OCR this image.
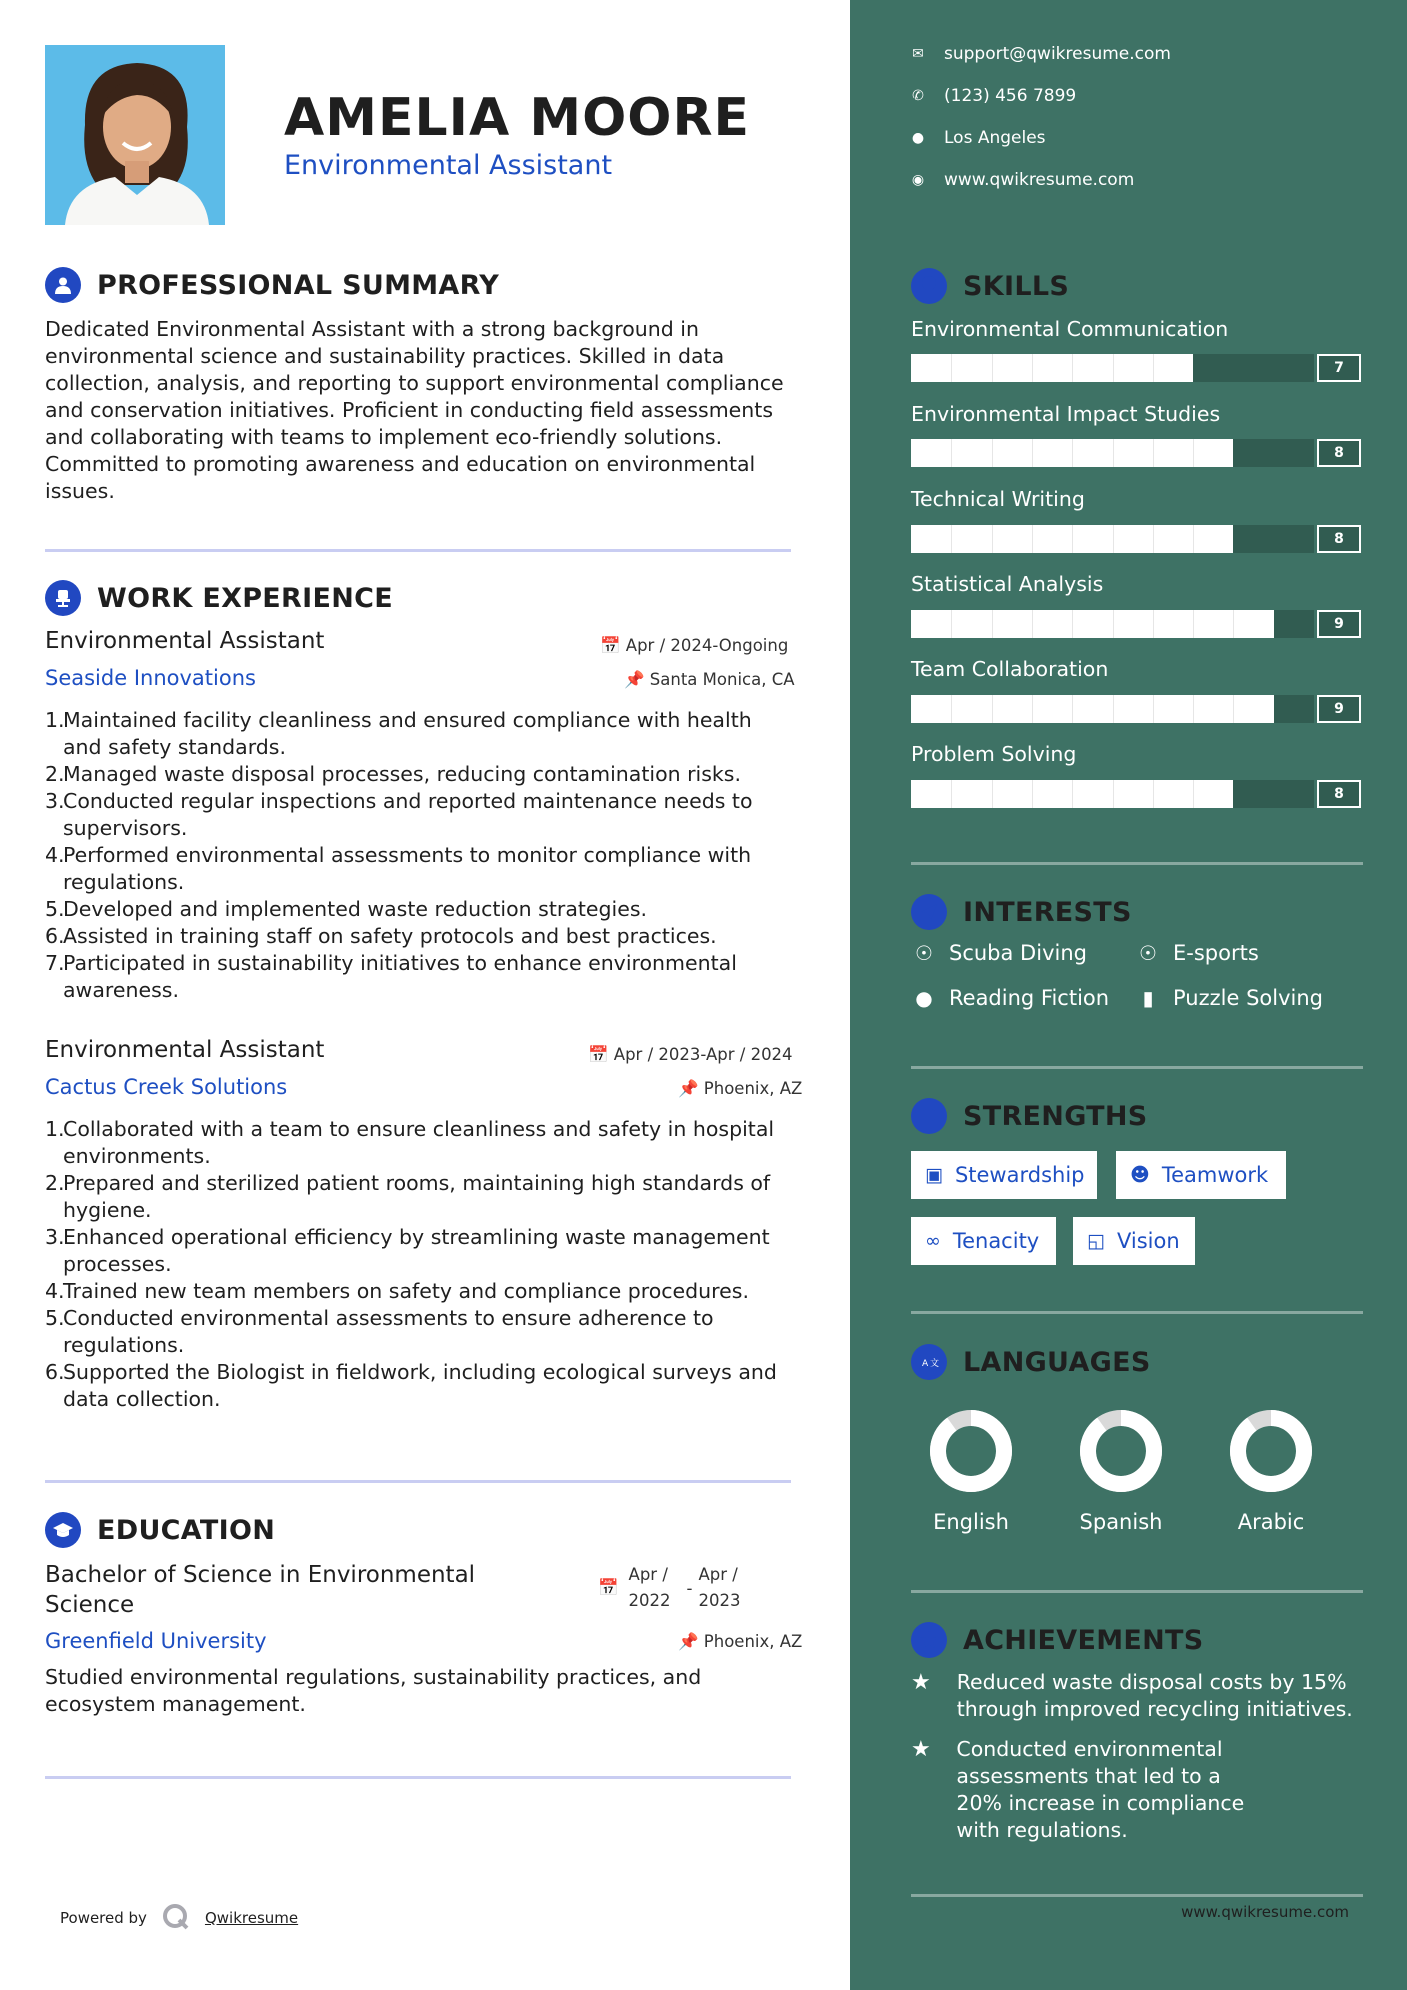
AMELIA MOORE
Environmental Assistant
PROFESSIONAL SUMMARY
Dedicated Environmental Assistant with a strong background in environmental science and sustainability practices. Skilled in data collection, analysis, and reporting to support environmental compliance and conservation initiatives. Proficient in conducting field assessments and collaborating with teams to implement eco-friendly solutions. Committed to promoting awareness and education on environmental issues.
WORK EXPERIENCE
Environmental Assistant	📅 Apr / 2024-Ongoing
Seaside Innovations	📌 Santa Monica, CA
1.
Maintained facility cleanliness and ensured compliance with health and safety standards.
2.
Managed waste disposal processes, reducing contamination risks.
3.
Conducted regular inspections and reported maintenance needs to supervisors.
4.
Performed environmental assessments to monitor compliance with regulations.
5.
Developed and implemented waste reduction strategies.
6.
Assisted in training staff on safety protocols and best practices.
7.
Participated in sustainability initiatives to enhance environmental awareness.
Environmental Assistant	📅 Apr / 2023-Apr / 2024
Cactus Creek Solutions	📌 Phoenix, AZ
1.
Collaborated with a team to ensure cleanliness and safety in hospital environments.
2.
Prepared and sterilized patient rooms, maintaining high standards of hygiene.
3.
Enhanced operational efficiency by streamlining waste management processes.
4.
Trained new team members on safety and compliance procedures.
5.
Conducted environmental assessments to ensure adherence to regulations.
6.
Supported the Biologist in fieldwork, including ecological surveys and data collection.
EDUCATION
Bachelor of Science in Environmental Science
📅
Apr / 2022
-
Apr / 2023
Greenfield University	📌 Phoenix, AZ
Studied environmental regulations, sustainability practices, and ecosystem management.
Powered by	Qwikresume
✉ support@qwikresume.com
✆ (123) 456 7899
● Los Angeles
◉ www.qwikresume.com
SKILLS
Environmental Communication
7
Environmental Impact Studies
8
Technical Writing
8
Statistical Analysis
9
Team Collaboration
9
Problem Solving
8
INTERESTS
☉ Scuba Diving	☉ E-sports
● Reading Fiction	▮ Puzzle Solving
STRENGTHS
▣ Stewardship ☻ Teamwork
∞ Tenacity	◱ Vision
A 文 LANGUAGES
English	Spanish	Arabic
ACHIEVEMENTS
★	Reduced waste disposal costs by 15% through improved recycling initiatives.
★	Conducted environmental assessments that led to a 20% increase in compliance with regulations.
www.qwikresume.com
